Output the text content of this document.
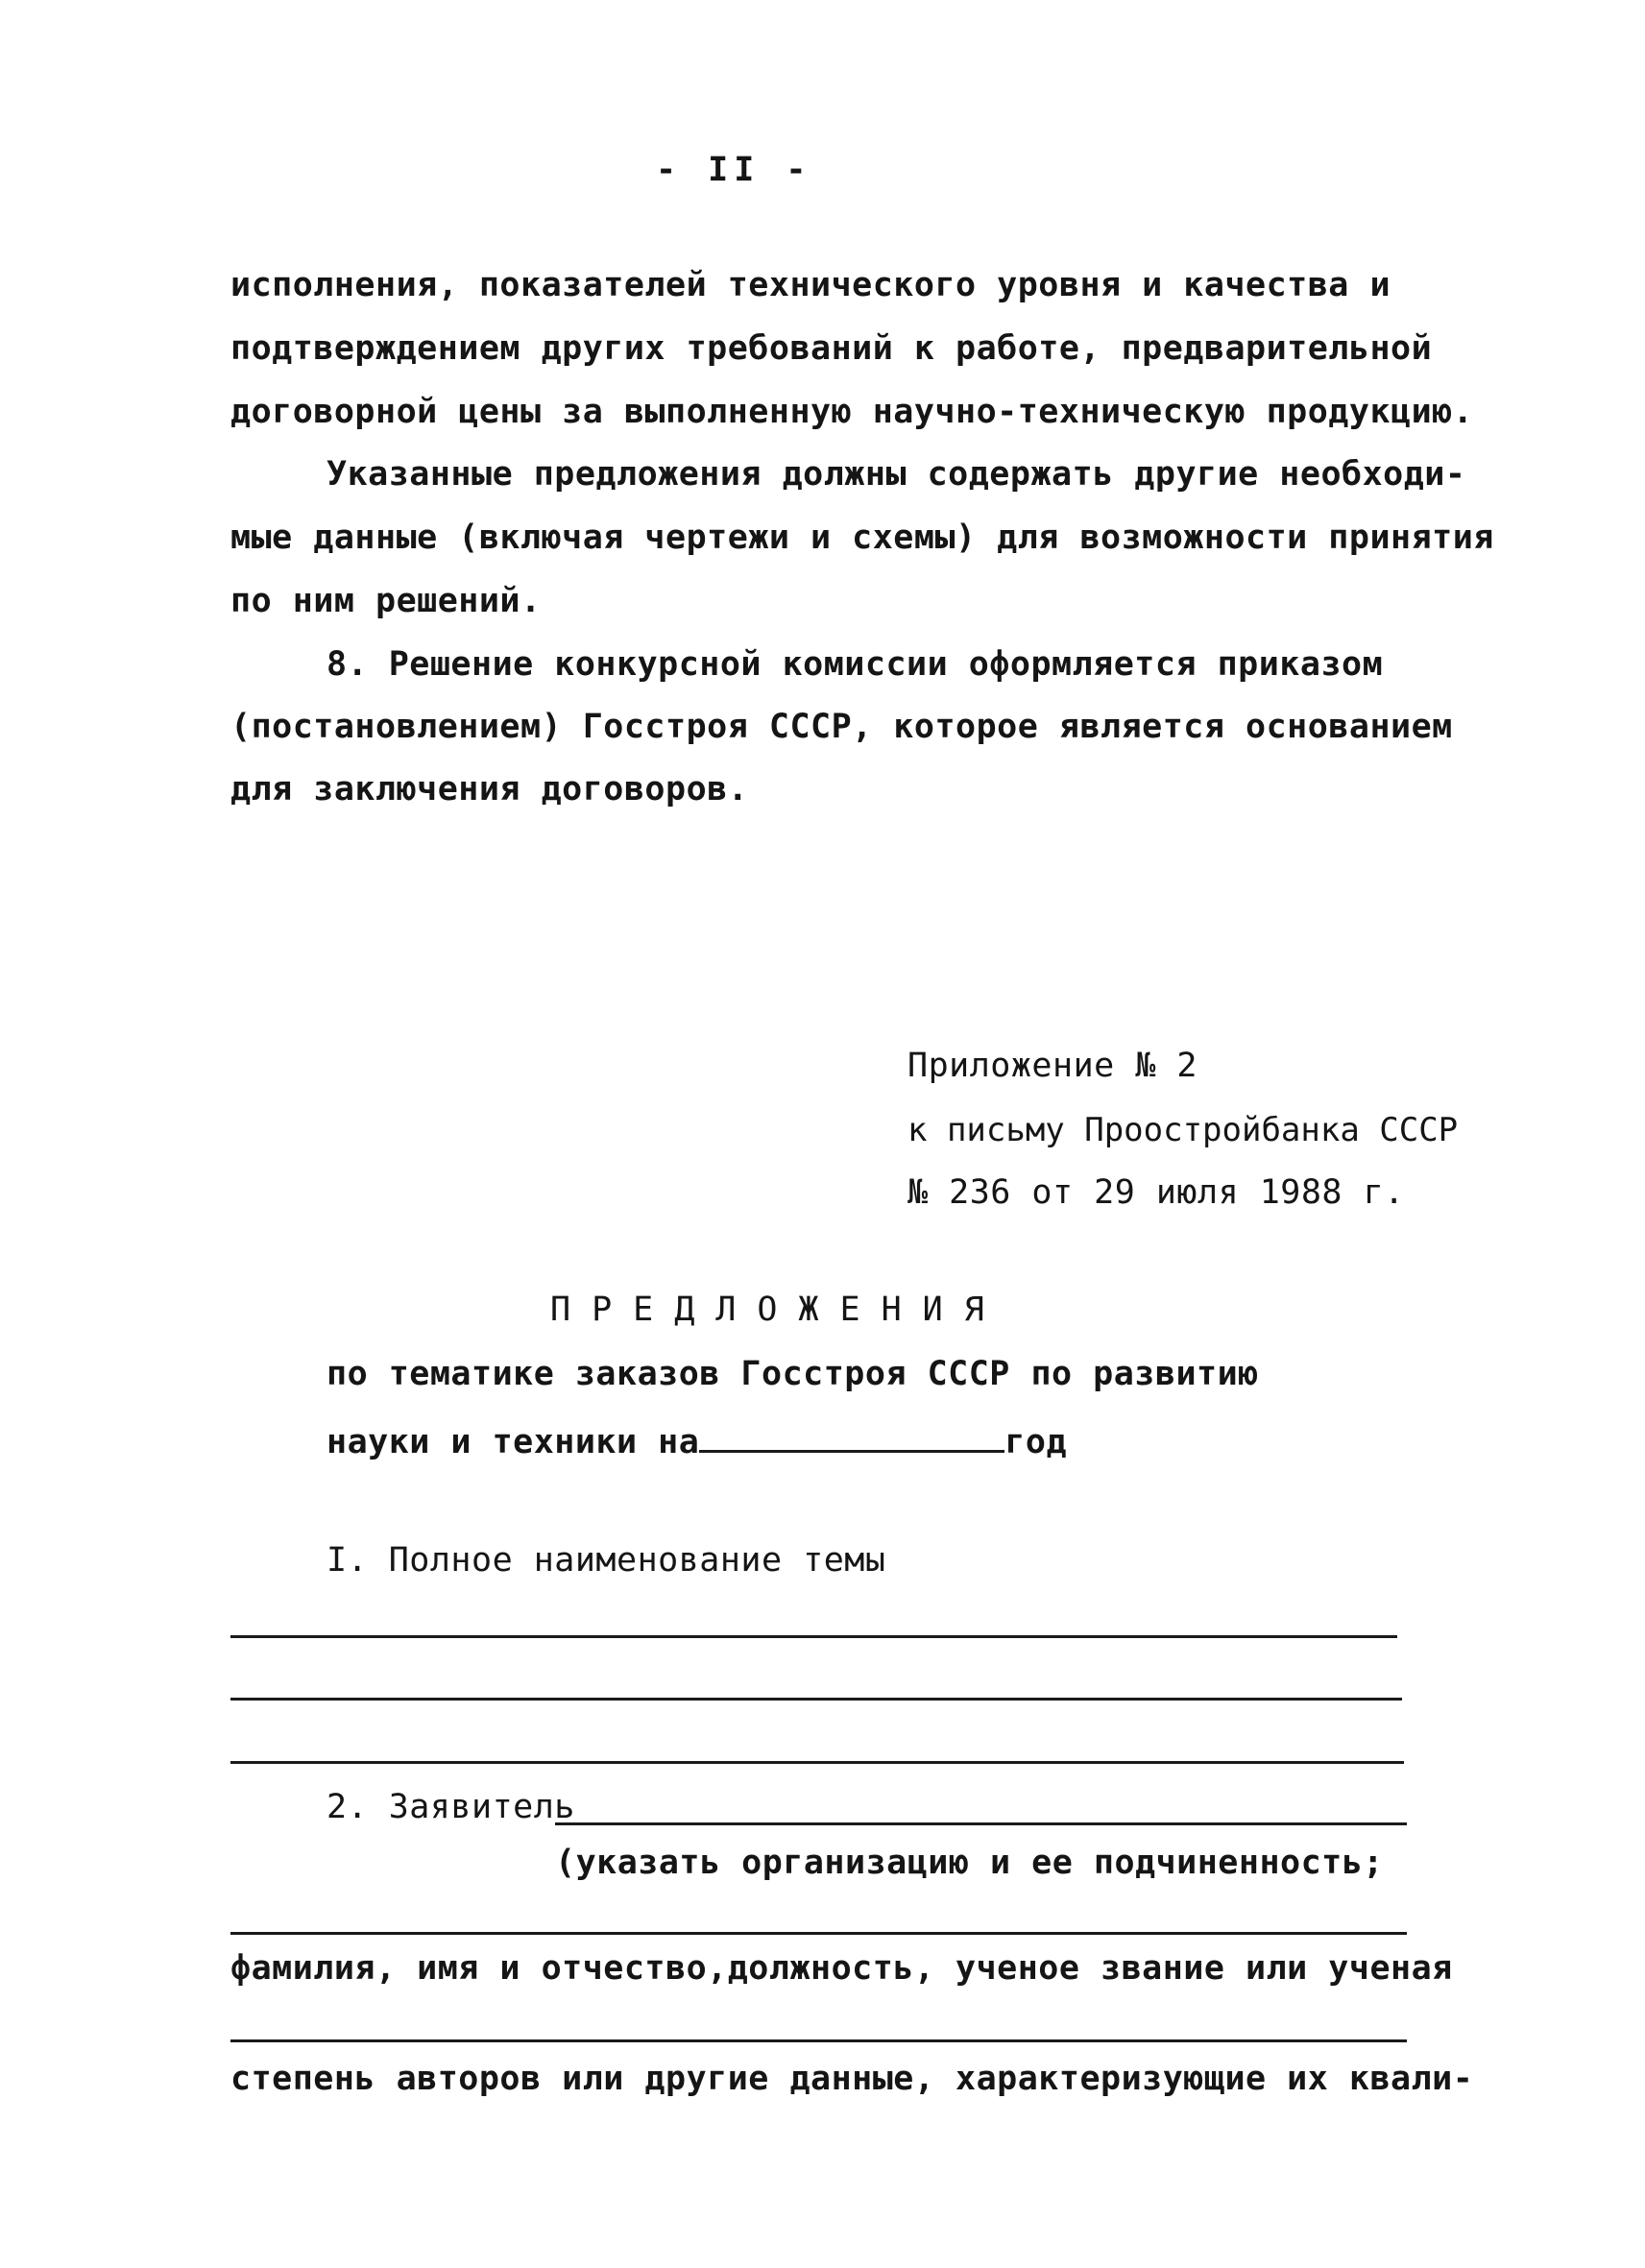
- II -
исполнения, показателей технического уровня и качества и
подтверждением других требований к работе, предварительной
договорной цены за выполненную научно-техническую продукцию.
Указанные предложения должны содержать другие необходи-
мые данные (включая чертежи и схемы) для возможности принятия
по ним решений.
8. Решение конкурсной комиссии оформляется приказом
(постановлением) Госстроя СССР, которое является основанием
для заключения договоров.
Приложение № 2
к письму Проостройбанка СССР
№ 236 от 29 июля 1988 г.
ПРЕДЛОЖЕНИЯ
по тематике заказов Госстроя СССР по развитию
науки и техники на	год
I. Полное наименование темы
2. Заявитель
(указать организацию и ее подчиненность;
фамилия, имя и отчество,должность, ученое звание или ученая
степень авторов или другие данные, характеризующие их квали-
